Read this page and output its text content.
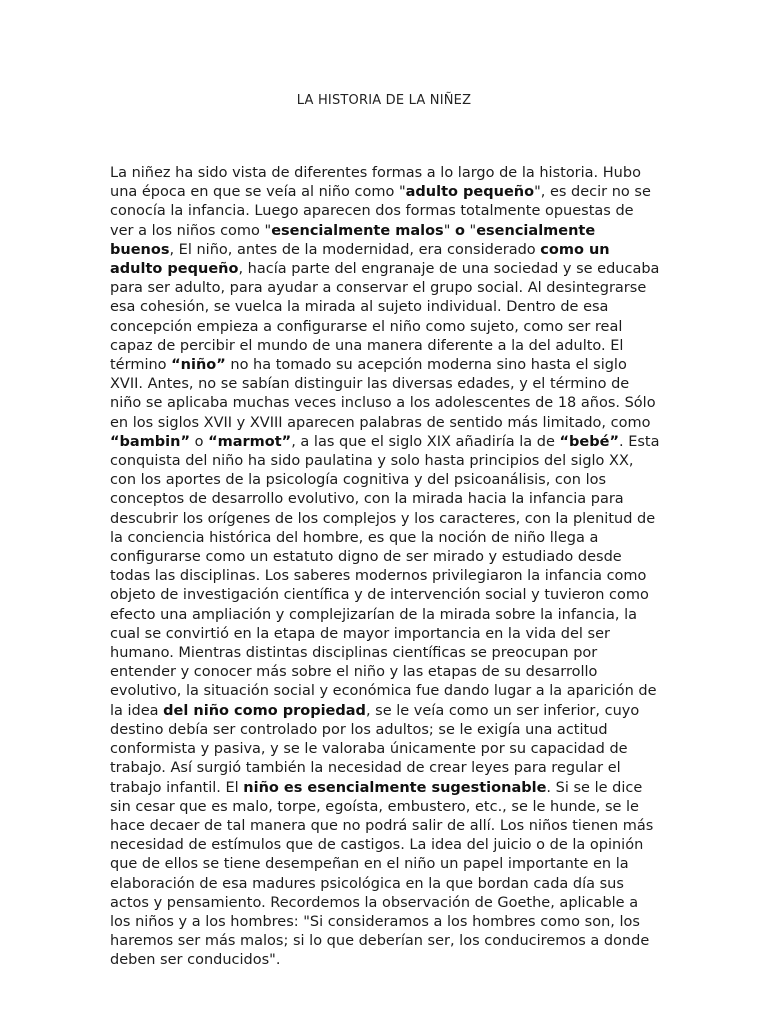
LA HISTORIA DE LA NIÑEZ

La niñez ha sido vista de diferentes formas a lo largo de la historia. Hubo una época en que se veía al niño como "adulto pequeño", es decir no se conocía la infancia. Luego aparecen dos formas totalmente opuestas de ver a los niños como "esencialmente malos" o "esencialmente buenos, El niño, antes de la modernidad, era considerado como un adulto pequeño, hacía parte del engranaje de una sociedad y se educaba para ser adulto, para ayudar a conservar el grupo social. Al desintegrarse esa cohesión, se vuelca la mirada al sujeto individual. Dentro de esa concepción empieza a configurarse el niño como sujeto, como ser real capaz de percibir el mundo de una manera diferente a la del adulto. El término “niño” no ha tomado su acepción moderna sino hasta el siglo XVII. Antes, no se sabían distinguir las diversas edades, y el término de niño se aplicaba muchas veces incluso a los adolescentes de 18 años. Sólo en los siglos XVII y XVIII aparecen palabras de sentido más limitado, como “bambin” o “marmot”, a las que el siglo XIX añadiría la de “bebé”. Esta conquista del niño ha sido paulatina y solo hasta principios del siglo XX, con los aportes de la psicología cognitiva y del psicoanálisis, con los conceptos de desarrollo evolutivo, con la mirada hacia la infancia para descubrir los orígenes de los complejos y los caracteres, con la plenitud de la conciencia histórica del hombre, es que la noción de niño llega a configurarse como un estatuto digno de ser mirado y estudiado desde todas las disciplinas. Los saberes modernos privilegiaron la infancia como objeto de investigación científica y de intervención social y tuvieron como efecto una ampliación y complejizarían de la mirada sobre la infancia, la cual se convirtió en la etapa de mayor importancia en la vida del ser humano. Mientras distintas disciplinas científicas se preocupan por entender y conocer más sobre el niño y las etapas de su desarrollo evolutivo, la situación social y económica fue dando lugar a la aparición de la idea del niño como propiedad, se le veía como un ser inferior, cuyo destino debía ser controlado por los adultos; se le exigía una actitud conformista y pasiva, y se le valoraba únicamente por su capacidad de trabajo. Así surgió también la necesidad de crear leyes para regular el trabajo infantil. El niño es esencialmente sugestionable. Si se le dice sin cesar que es malo, torpe, egoísta, embustero, etc., se le hunde, se le hace decaer de tal manera que no podrá salir de allí. Los niños tienen más necesidad de estímulos que de castigos. La idea del juicio o de la opinión que de ellos se tiene desempeñan en el niño un papel importante en la elaboración de esa madures psicológica en la que bordan cada día sus actos y pensamiento. Recordemos la observación de Goethe, aplicable a los niños y a los hombres: "Si consideramos a los hombres como son, los haremos ser más malos; si lo que deberían ser, los conduciremos a donde deben ser conducidos".
